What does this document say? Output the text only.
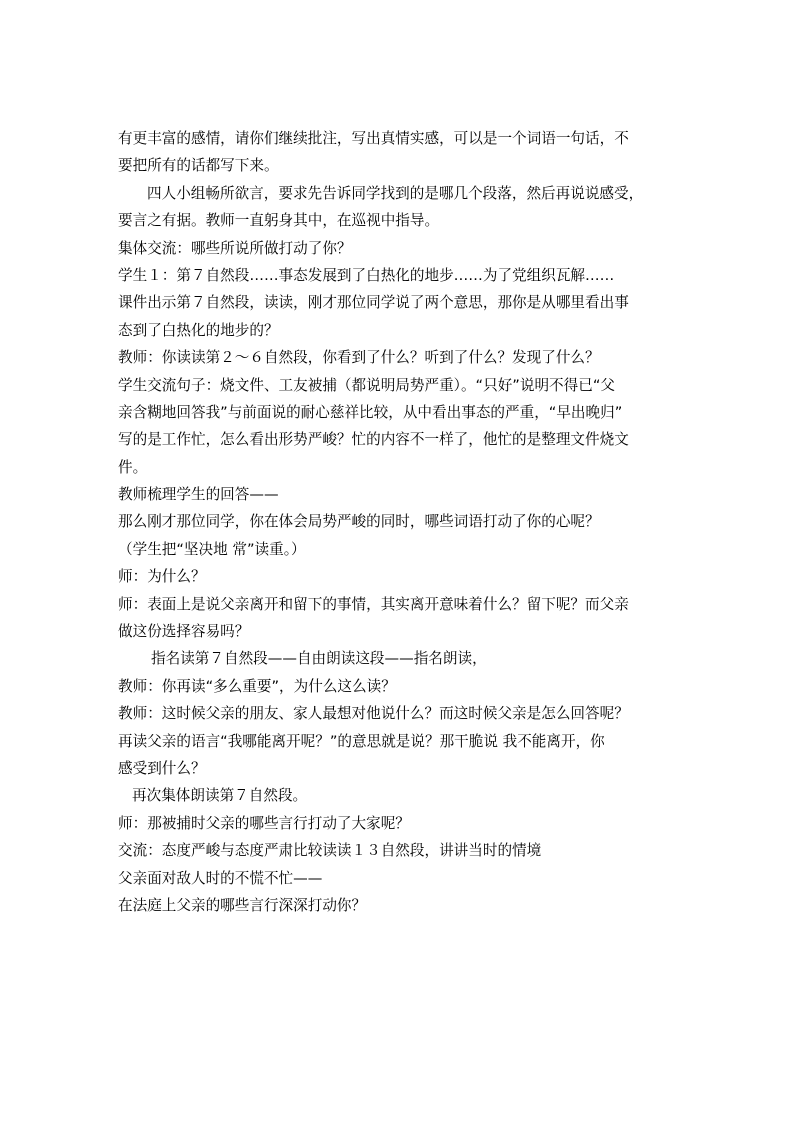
有更丰富的感情，请你们继续批注，写出真情实感，可以是一个词语一句话，不
要把所有的话都写下来。
四人小组畅所欲言，要求先告诉同学找到的是哪几个段落，然后再说说感受，
要言之有据。教师一直躬身其中，在巡视中指导。
集体交流：哪些所说所做打动了你？
学生１：第７自然段……事态发展到了白热化的地步……为了党组织瓦解……
课件出示第７自然段，读读，刚才那位同学说了两个意思，那你是从哪里看出事
态到了白热化的地步的？
教师：你读读第２～６自然段，你看到了什么？听到了什么？发现了什么？
学生交流句子：烧文件、工友被捕（都说明局势严重）。“只好”说明不得已“父
亲含糊地回答我”与前面说的耐心慈祥比较，从中看出事态的严重，“早出晚归”
写的是工作忙，怎么看出形势严峻？忙的内容不一样了，他忙的是整理文件烧文
件。
教师梳理学生的回答——
那么刚才那位同学，你在体会局势严峻的同时，哪些词语打动了你的心呢？
（学生把“坚决地 常”读重。）
师：为什么？
师：表面上是说父亲离开和留下的事情，其实离开意味着什么？留下呢？而父亲
做这份选择容易吗？
指名读第７自然段——自由朗读这段——指名朗读，
教师：你再读“多么重要”，为什么这么读？
教师：这时候父亲的朋友、家人最想对他说什么？而这时候父亲是怎么回答呢？
再读父亲的语言“我哪能离开呢？”的意思就是说？那干脆说 我不能离开，你
感受到什么？
再次集体朗读第７自然段。
师：那被捕时父亲的哪些言行打动了大家呢？
交流：态度严峻与态度严肃比较读读１３自然段，讲讲当时的情境
父亲面对敌人时的不慌不忙——
在法庭上父亲的哪些言行深深打动你？
